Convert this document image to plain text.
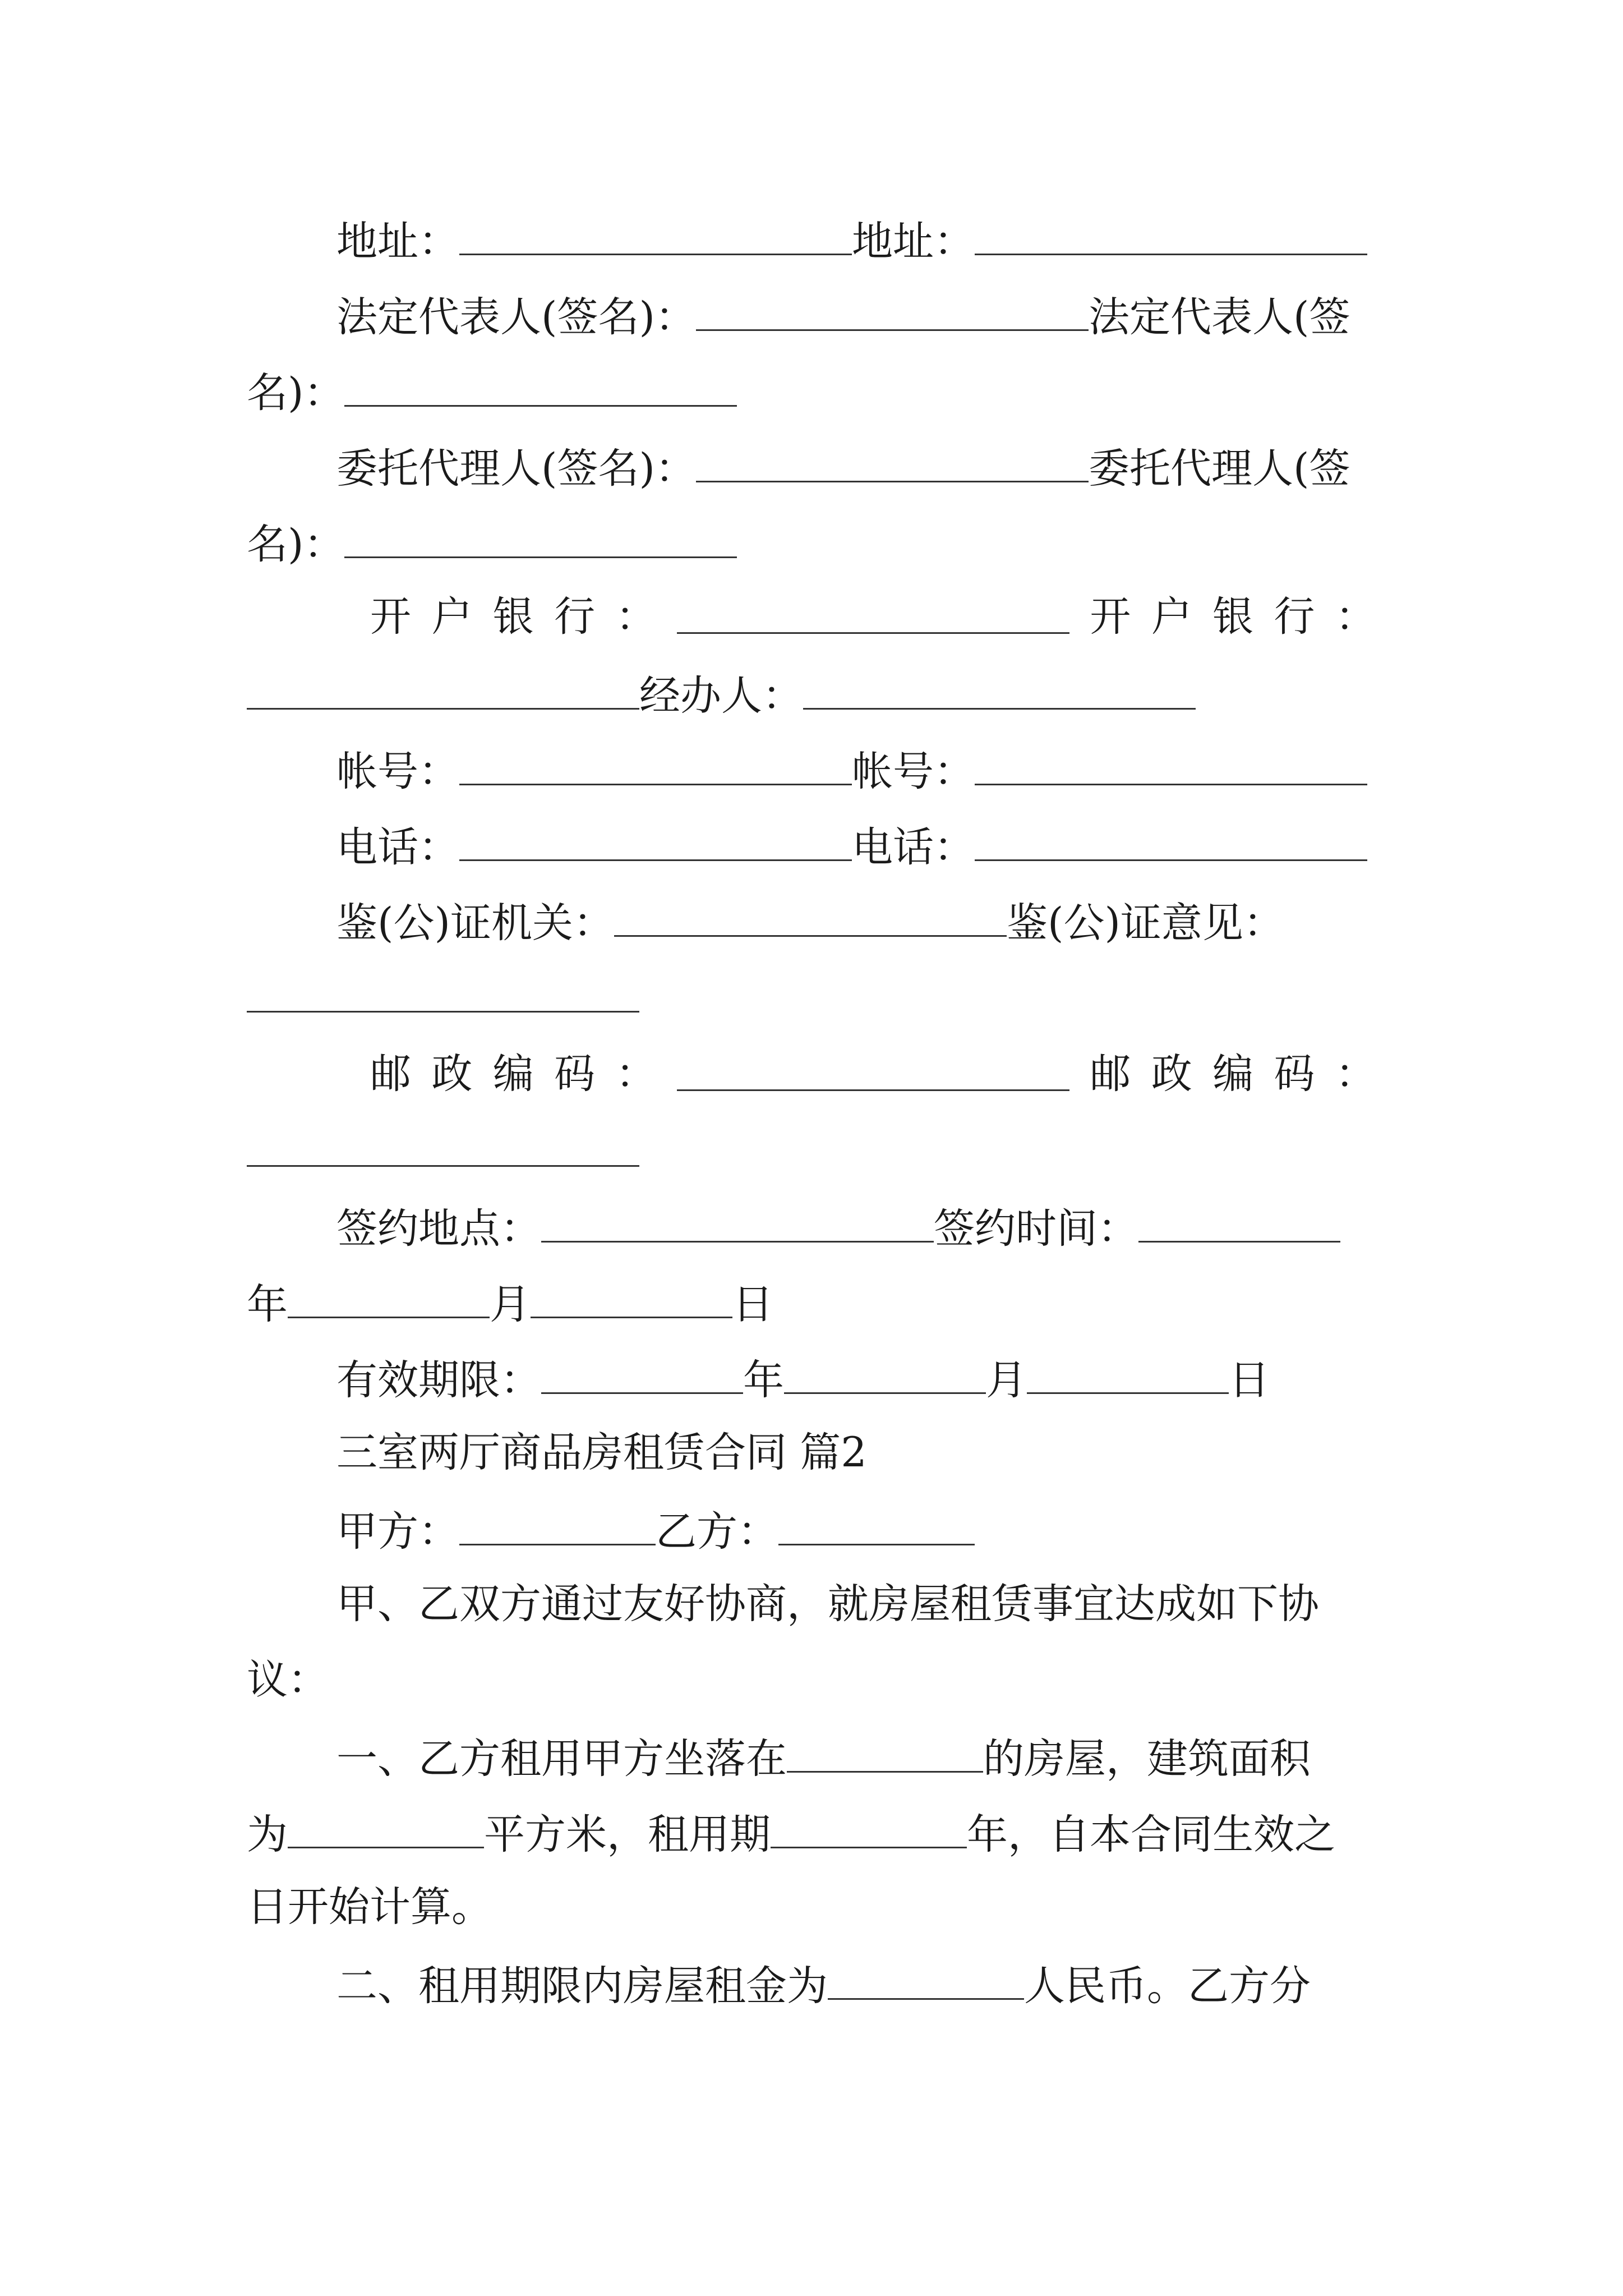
地址：	地址：
法定代表人(签名)：	法定代表人(签
名)：
委托代理人(签名)：	委托代理人(签
名)：
开 户 银 行 ：	开 户 银 行 ：
经办人：
帐号：	帐号：
电话：	电话：
鉴(公)证机关：	鉴(公)证意见：
邮 政 编 码 ：	邮 政 编 码 ：
签约地点：	签约时间：
年	月	日
有效期限：	年	月	日
三室两厅商品房租赁合同 篇2
甲方：	乙方：
甲、乙双方通过友好协商，就房屋租赁事宜达成如下协
议：
一、乙方租用甲方坐落在	的房屋，建筑面积
为	平方米，租用期	年，自本合同生效之
日开始计算。
二、租用期限内房屋租金为	人民币。乙方分
